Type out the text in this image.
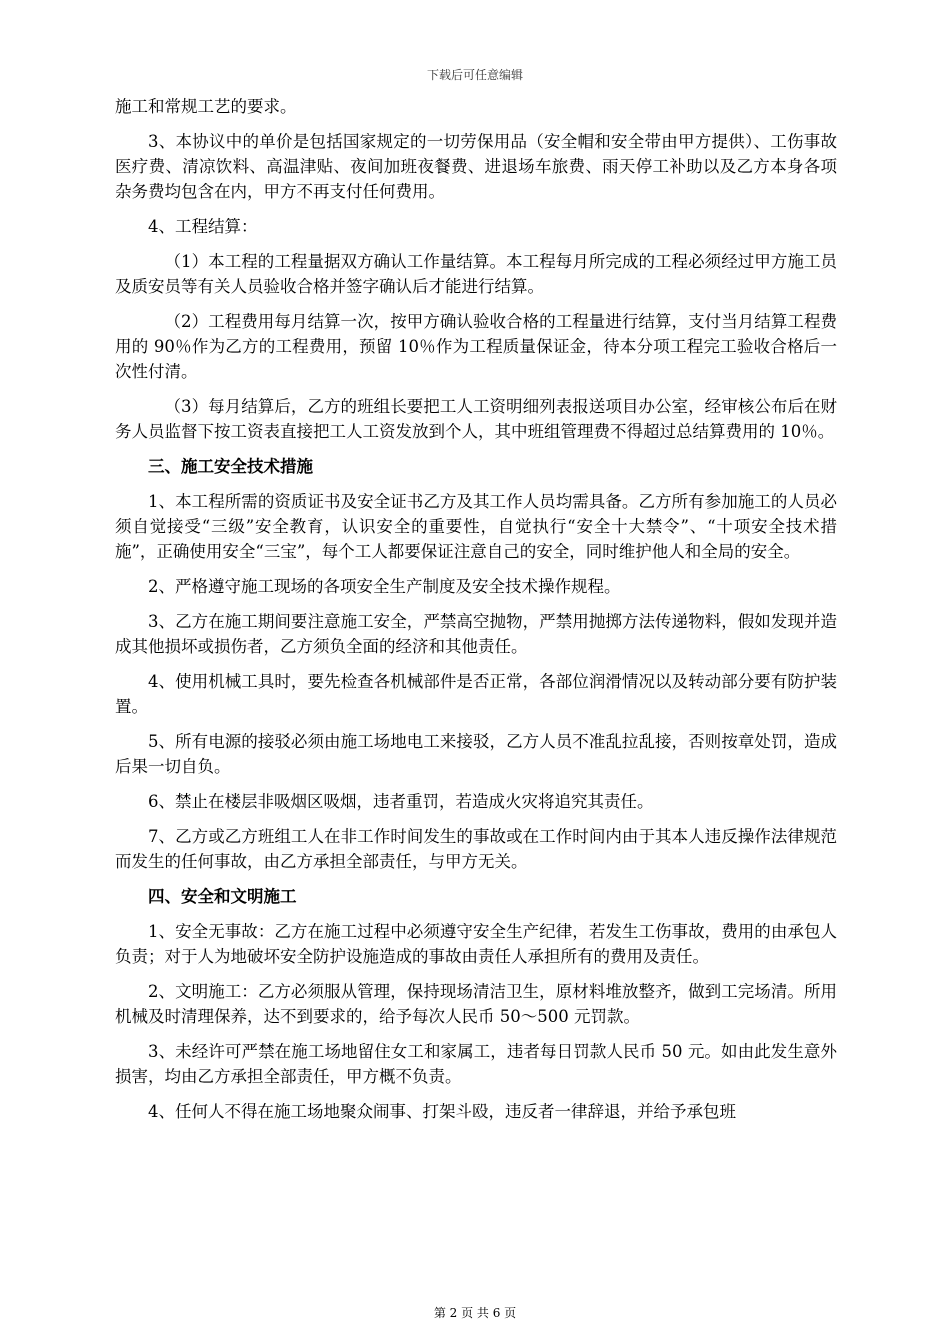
下载后可任意编辑

施工和常规工艺的要求。

3、本协议中的单价是包括国家规定的一切劳保用品（安全帽和安全带由甲方提供）、工伤事故医疗费、清凉饮料、高温津贴、夜间加班夜餐费、进退场车旅费、雨天停工补助以及乙方本身各项杂务费均包含在内，甲方不再支付任何费用。

4、工程结算：

（1）本工程的工程量据双方确认工作量结算。本工程每月所完成的工程必须经过甲方施工员及质安员等有关人员验收合格并签字确认后才能进行结算。

（2）工程费用每月结算一次，按甲方确认验收合格的工程量进行结算，支付当月结算工程费用的 90％作为乙方的工程费用，预留 10％作为工程质量保证金，待本分项工程完工验收合格后一次性付清。

（3）每月结算后，乙方的班组长要把工人工资明细列表报送项目办公室，经审核公布后在财务人员监督下按工资表直接把工人工资发放到个人，其中班组管理费不得超过总结算费用的 10％。

三、施工安全技术措施

1、本工程所需的资质证书及安全证书乙方及其工作人员均需具备。乙方所有参加施工的人员必须自觉接受“三级”安全教育，认识安全的重要性，自觉执行“安全十大禁令”、“十项安全技术措施”，正确使用安全“三宝”，每个工人都要保证注意自己的安全，同时维护他人和全局的安全。

2、严格遵守施工现场的各项安全生产制度及安全技术操作规程。

3、乙方在施工期间要注意施工安全，严禁高空抛物，严禁用抛掷方法传递物料，假如发现并造成其他损坏或损伤者，乙方须负全面的经济和其他责任。

4、使用机械工具时，要先检查各机械部件是否正常，各部位润滑情况以及转动部分要有防护装置。

5、所有电源的接驳必须由施工场地电工来接驳，乙方人员不准乱拉乱接，否则按章处罚，造成后果一切自负。

6、禁止在楼层非吸烟区吸烟，违者重罚，若造成火灾将追究其责任。

7、乙方或乙方班组工人在非工作时间发生的事故或在工作时间内由于其本人违反操作法律规范而发生的任何事故，由乙方承担全部责任，与甲方无关。

四、安全和文明施工

1、安全无事故：乙方在施工过程中必须遵守安全生产纪律，若发生工伤事故，费用的由承包人负责；对于人为地破坏安全防护设施造成的事故由责任人承担所有的费用及责任。

2、文明施工：乙方必须服从管理，保持现场清洁卫生，原材料堆放整齐，做到工完场清。所用机械及时清理保养，达不到要求的，给予每次人民币 50～500 元罚款。

3、未经许可严禁在施工场地留住女工和家属工，违者每日罚款人民币 50 元。如由此发生意外损害，均由乙方承担全部责任，甲方概不负责。

4、任何人不得在施工场地聚众闹事、打架斗殴，违反者一律辞退，并给予承包班

第 2 页 共 6 页
